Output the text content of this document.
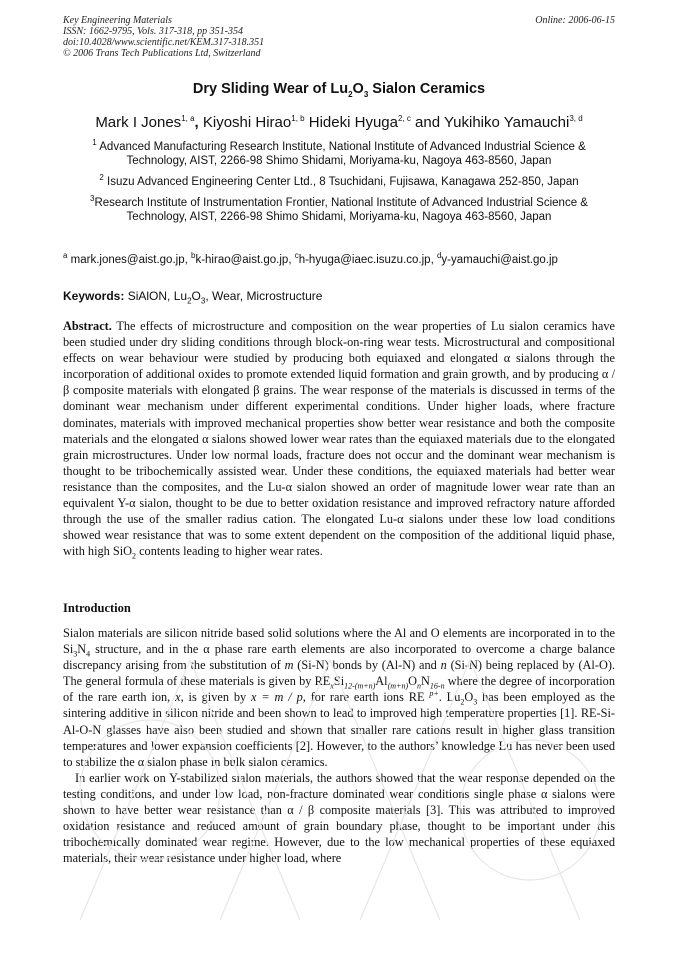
Key Engineering Materials
ISSN: 1662-9795, Vols. 317-318, pp 351-354
doi:10.4028/www.scientific.net/KEM.317-318.351
© 2006 Trans Tech Publications Ltd, Switzerland
Online: 2006-06-15
Dry Sliding Wear of $Lu_2O_3$ Sialon Ceramics
Mark I Jones$^{1, a}$, Kiyoshi Hirao$^{1, b}$ Hideki Hyuga$^{2, c}$ and Yukihiko Yamauchi$^{3, d}$
$^1$ Advanced Manufacturing Research Institute, National Institute of Advanced Industrial Science & Technology, AIST, 2266-98 Shimo Shidami, Moriyama-ku, Nagoya 463-8560, Japan
$^2$ Isuzu Advanced Engineering Center Ltd., 8 Tsuchidani, Fujisawa, Kanagawa 252-850, Japan
$^3$Research Institute of Instrumentation Frontier, National Institute of Advanced Industrial Science & Technology, AIST, 2266-98 Shimo Shidami, Moriyama-ku, Nagoya 463-8560, Japan
$^a$ mark.jones@aist.go.jp, $^b$k-hirao@aist.go.jp, $^c$h-hyuga@iaec.isuzu.co.jp, $^d$y-yamauchi@aist.go.jp
Keywords: SiAlON, $Lu_2O_3$, Wear, Microstructure
Abstract. The effects of microstructure and composition on the wear properties of Lu sialon ceramics have been studied under dry sliding conditions through block-on-ring wear tests. Microstructural and compositional effects on wear behaviour were studied by producing both equiaxed and elongated α sialons through the incorporation of additional oxides to promote extended liquid formation and grain growth, and by producing α / β composite materials with elongated β grains. The wear response of the materials is discussed in terms of the dominant wear mechanism under different experimental conditions. Under higher loads, where fracture dominates, materials with improved mechanical properties show better wear resistance and both the composite materials and the elongated α sialons showed lower wear rates than the equiaxed materials due to the elongated grain microstructures. Under low normal loads, fracture does not occur and the dominant wear mechanism is thought to be tribochemically assisted wear. Under these conditions, the equiaxed materials had better wear resistance than the composites, and the Lu-α sialon showed an order of magnitude lower wear rate than an equivalent Y-α sialon, thought to be due to better oxidation resistance and improved refractory nature afforded through the use of the smaller radius cation. The elongated Lu-α sialons under these low load conditions showed wear resistance that was to some extent dependent on the composition of the additional liquid phase, with high SiO$_2$ contents leading to higher wear rates.
Introduction

Sialon materials are silicon nitride based solid solutions where the Al and O elements are incorporated in to the $Si_3N_4$ structure, and in the α phase rare earth elements are also incorporated to overcome a charge balance discrepancy arising from the substitution of m (Si-N) bonds by (Al-N) and n (Si-N) being replaced by (Al-O). The general formula of these materials is given by $RE_xSi_{12-(m+n)}Al_{(m+n)}O_nN_{16-n}$ where the degree of incorporation of the rare earth ion, x, is given by x = m / p, for rare earth ions RE $^{p+}$. $Lu_2O_3$ has been employed as the sintering additive in silicon nitride and been shown to lead to improved high temperature properties [1]. RE-Si-Al-O-N glasses have also been studied and shown that smaller rare cations result in higher glass transition temperatures and lower expansion coefficients [2]. However, to the authors’ knowledge Lu has never been used to stabilize the α sialon phase in bulk sialon ceramics.

In earlier work on Y-stabilized sialon materials, the authors showed that the wear response depended on the testing conditions, and under low load, non-fracture dominated wear conditions single phase α sialons were shown to have better wear resistance than α / β composite materials [3]. This was attributed to improved oxidation resistance and reduced amount of grain boundary phase, thought to be important under this tribochemically dominated wear regime. However, due to the low mechanical properties of these equiaxed materials, their wear resistance under higher load, where
